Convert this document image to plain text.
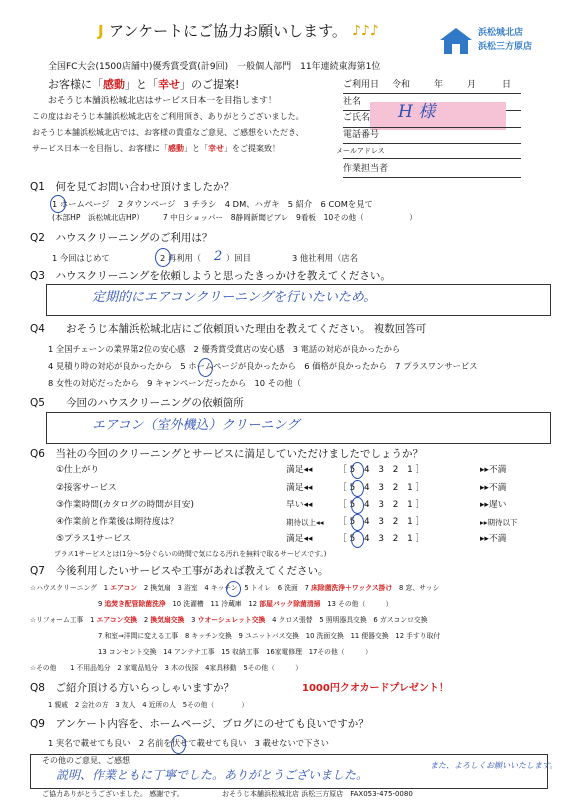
J アンケートにご協力お願いします。 ♪♪♪	浜松城北店
浜松三方原店
全国FC大会(1500店舗中)優秀賞受賞(計9回)　一般個人部門　11年連続東海第1位
お客様に「感動」と「幸せ」のご提案!
おそうじ本舗浜松城北店はサービス日本一を目指します！
この度はおそうじ本舗浜松城北店をご利用頂き、ありがとうございました。
おそうじ本舗浜松城北店では、お客様の貴重なご意見、ご感想をいただき、
サービス日本一を目指し、お客様に「感動」と「幸せ」をご提案致！
ご利用日 令和	年	月	日
社名
ご氏名 H 様
電話番号
メールアドレス
作業担当者
Q1　何を見てお問い合わせ頂けましたか？
1 ホームページ　2 タウンページ　3 チラシ　4 DM、ハガキ　5 紹介　6 COMを見て
(本部HP　浜松城北店HP）　　　7 中日ショッパー　8静岡新聞ピブレ　9看板　10その他（　　　　　　）
Q2　ハウスクリーニングのご利用は？
1 今回はじめて	2 再利用（ 2 ）回目	3 他社利用（店名
Q3　ハウスクリーニングを依頼しようと思ったきっかけを教えてください。
定期的にエアコンクリーニングを行いたいため。
Q4　　おそうじ本舗浜松城北店にご依頼頂いた理由を教えてください。 複数回答可
1 全国チェーンの業界第2位の安心感　2 優秀賞受賞店の安心感　3 電話の対応が良かったから
4 見積り時の対応が良かったから　5 ホームページが良かったから　6 価格が良かったから　7 プラスワンサービス
8 女性の対応だったから　9 キャンペーンだったから　10 その他（
Q5　　今回のハウスクリーニングの依頼箇所
エアコン（室外機込）クリーニング
Q6　当社の今回のクリーニングとサービスに満足していただけましたでしょうか？
①仕上がり	満足◂◂	［ 5　4　3　2　1 ］	▸▸不満
②接客サービス	満足◂◂	［ 5　4　3　2　1 ］	▸▸不満
③作業時間(カタログの時間が目安)	早い◂◂	［ 5　4　3　2　1 ］	▸▸遅い
④作業前と作業後は期待度は？	期待以上◂◂ ［ 5　4　3　2　1 ］	▸▸期待以下
⑤プラス1サービス	満足◂◂	［ 5　4　3　2　1 ］	▸▸不満
プラス1サービスとは(1分～5分ぐらいの時間で気になる汚れを無料で取るサービスです。)
Q7　今後利用したいサービスや工事があれば教えてください。
☆ハウスクリーニング　1 エアコン　2 換気扇　3 浴室　4 キッチン　5 トイレ　6 洗面　7 床除菌洗浄＋ワックス掛け　8 窓、サッシ
9 追焚き配管除菌洗浄　10 洗濯槽　11 冷蔵庫　12 部屋バック除菌清掃　13 その他（　　　）
☆リフォーム工事　1 エアコン交換　2 換気扇交換　3 ウオーシュレット交換　4 クロス張替　5 照明器具交換　6 ガスコンロ交換
7 和室⇒洋間に変える工事　8 キッチン交換　9 ユニットバス交換　10 洗面交換　11 便器交換　12 手すり取付
13 コンセント交換　14 アンテナ工事　15 収納工事　16家電修理　17その他（　　　）
☆その他　　1 不用品処分　2 家電品処分　3 木の伐採　4家具移動　5その他（　　　）
Q8　ご紹介頂ける方いらっしゃいますか？	1000円クオカードプレゼント！
1 親戚　2 会社の方　3 友人　4 近所の人　5その他（　　　　）
Q9　アンケート内容を、ホームページ、ブログにのせても良いですか？
1 実名で載せても良い　2 名前を伏せて載せても良い　3 載せないで下さい
その他のご意見、ご感想
説明、作業ともに丁寧でした。ありがとうございました。
また、よろしくお願いいたします。
ご協力ありがとうございました。 感謝です。	おそうじ本舗浜松城北店 浜松三方原店　FAX053-475-0080
